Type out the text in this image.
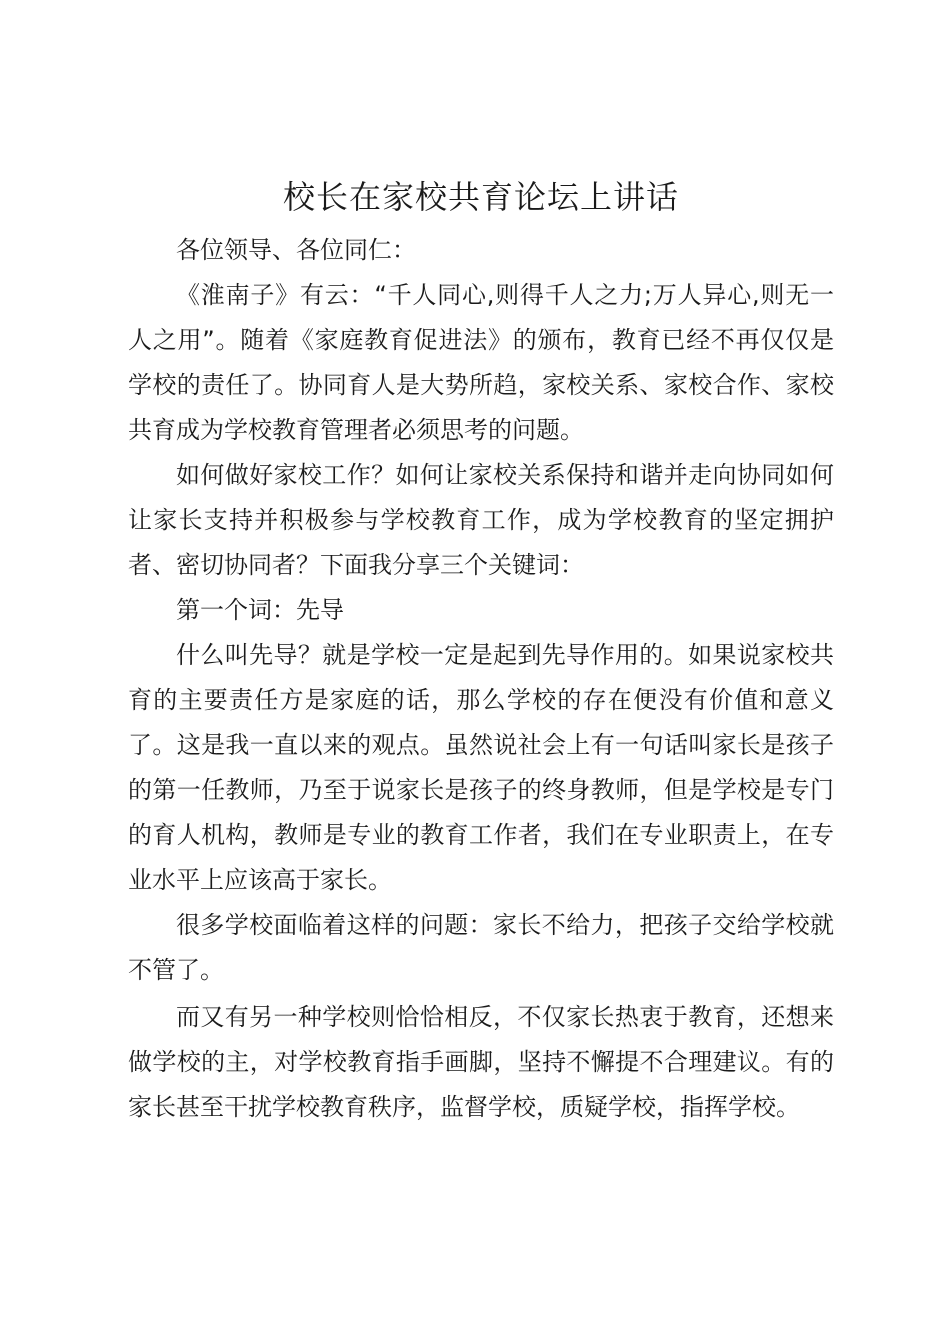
校长在家校共育论坛上讲话

各位领导、各位同仁：

《淮南子》有云：“千人同心,则得千人之力;万人异心,则无一人之用”。随着《家庭教育促进法》的颁布，教育已经不再仅仅是学校的责任了。协同育人是大势所趋，家校关系、家校合作、家校共育成为学校教育管理者必须思考的问题。

如何做好家校工作？如何让家校关系保持和谐并走向协同如何让家长支持并积极参与学校教育工作，成为学校教育的坚定拥护者、密切协同者？下面我分享三个关键词：

第一个词：先导

什么叫先导？就是学校一定是起到先导作用的。如果说家校共育的主要责任方是家庭的话，那么学校的存在便没有价值和意义了。这是我一直以来的观点。虽然说社会上有一句话叫家长是孩子的第一任教师，乃至于说家长是孩子的终身教师，但是学校是专门的育人机构，教师是专业的教育工作者，我们在专业职责上，在专业水平上应该高于家长。

很多学校面临着这样的问题：家长不给力，把孩子交给学校就不管了。

而又有另一种学校则恰恰相反，不仅家长热衷于教育，还想来做学校的主，对学校教育指手画脚，坚持不懈提不合理建议。有的家长甚至干扰学校教育秩序，监督学校，质疑学校，指挥学校。
